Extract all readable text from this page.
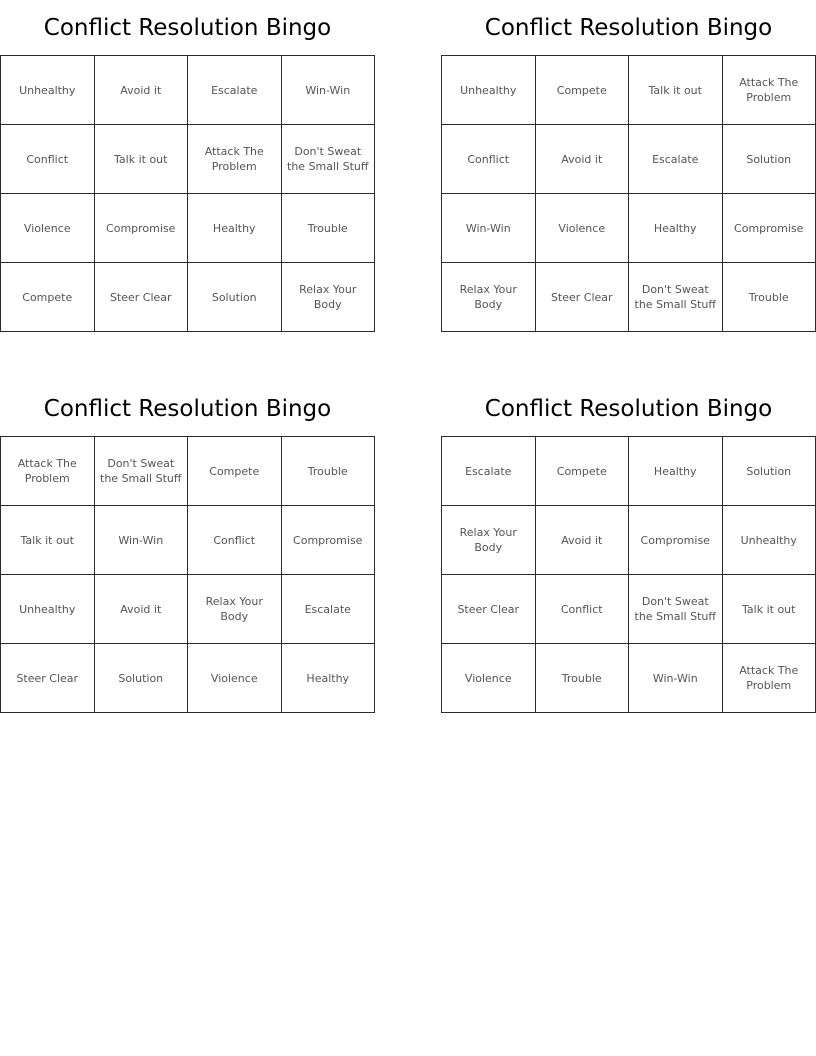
Conflict Resolution Bingo
Unhealthy	Avoid it	Escalate	Win-Win
Conflict	Talk it out	Attack The Problem	Don't Sweat the Small Stuff
Violence	Compromise	Healthy	Trouble
Compete	Steer Clear	Solution	Relax Your Body
Conflict Resolution Bingo
Unhealthy	Compete	Talk it out	Attack The Problem
Conflict	Avoid it	Escalate	Solution
Win-Win	Violence	Healthy	Compromise
Relax Your Body	Steer Clear	Don't Sweat the Small Stuff	Trouble
Conflict Resolution Bingo
Attack The Problem	Don't Sweat the Small Stuff	Compete	Trouble
Talk it out	Win-Win	Conflict	Compromise
Unhealthy	Avoid it	Relax Your Body	Escalate
Steer Clear	Solution	Violence	Healthy
Conflict Resolution Bingo
Escalate	Compete	Healthy	Solution
Relax Your Body	Avoid it	Compromise	Unhealthy
Steer Clear	Conflict	Don't Sweat the Small Stuff	Talk it out
Violence	Trouble	Win-Win	Attack The Problem
